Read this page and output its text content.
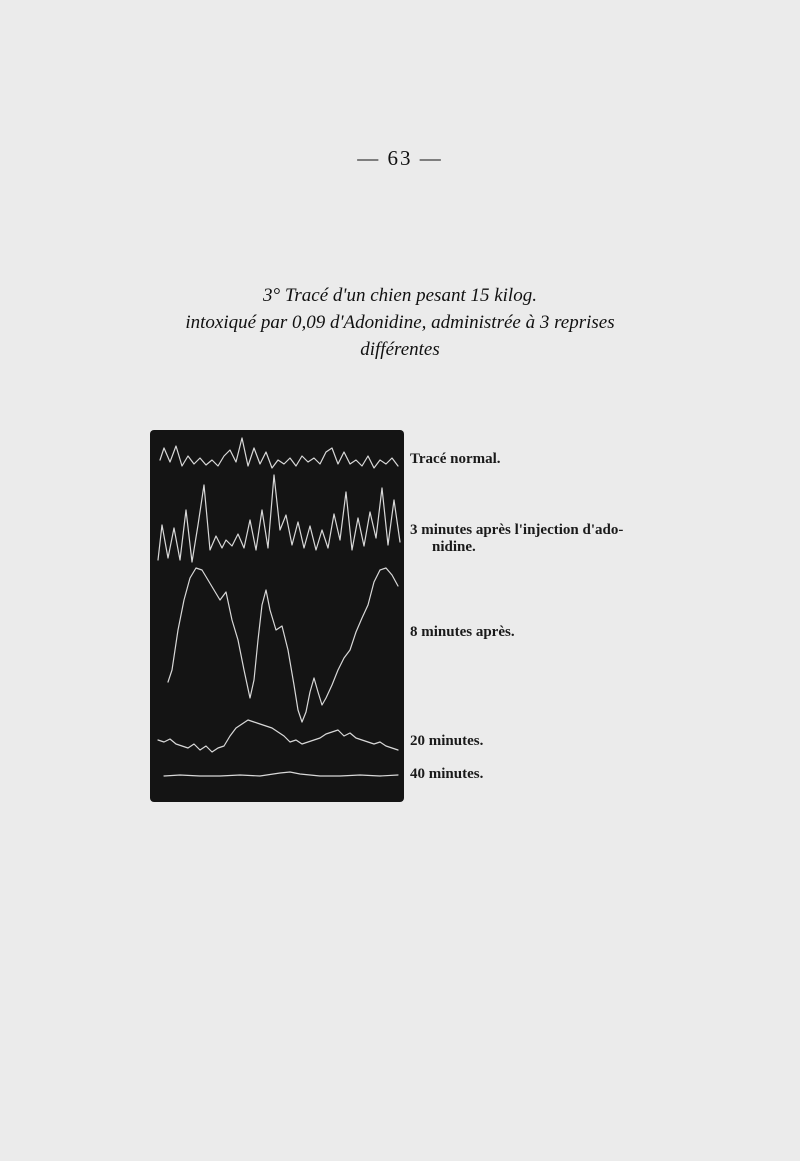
— 63 —
3° Tracé d'un chien pesant 15 kilog.
intoxiqué par 0,09 d'Adonidine, administrée à 3 reprises
différentes
Tracé normal.
3 minutes après l'injection d'ado-
nidine.
8 minutes après.
20 minutes.
40 minutes.
